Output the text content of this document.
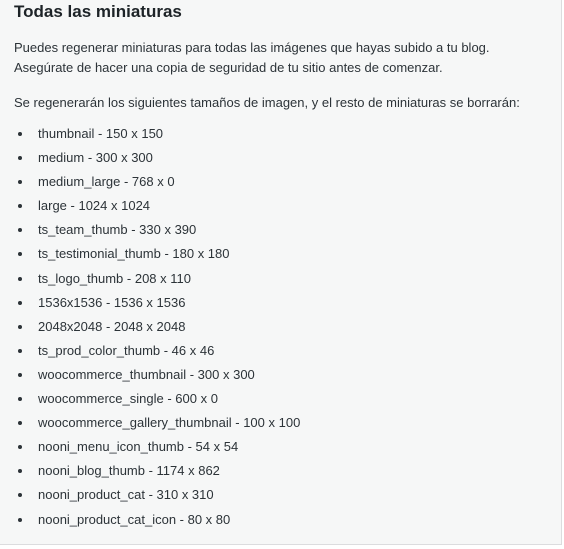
Todas las miniaturas

Puedes regenerar miniaturas para todas las imágenes que hayas subido a tu blog.
Asegúrate de hacer una copia de seguridad de tu sitio antes de comenzar.

Se regenerarán los siguientes tamaños de imagen, y el resto de miniaturas se borrarán:

thumbnail - 150 x 150
medium - 300 x 300
medium_large - 768 x 0
large - 1024 x 1024
ts_team_thumb - 330 x 390
ts_testimonial_thumb - 180 x 180
ts_logo_thumb - 208 x 110
1536x1536 - 1536 x 1536
2048x2048 - 2048 x 2048
ts_prod_color_thumb - 46 x 46
woocommerce_thumbnail - 300 x 300
woocommerce_single - 600 x 0
woocommerce_gallery_thumbnail - 100 x 100
nooni_menu_icon_thumb - 54 x 54
nooni_blog_thumb - 1174 x 862
nooni_product_cat - 310 x 310
nooni_product_cat_icon - 80 x 80
